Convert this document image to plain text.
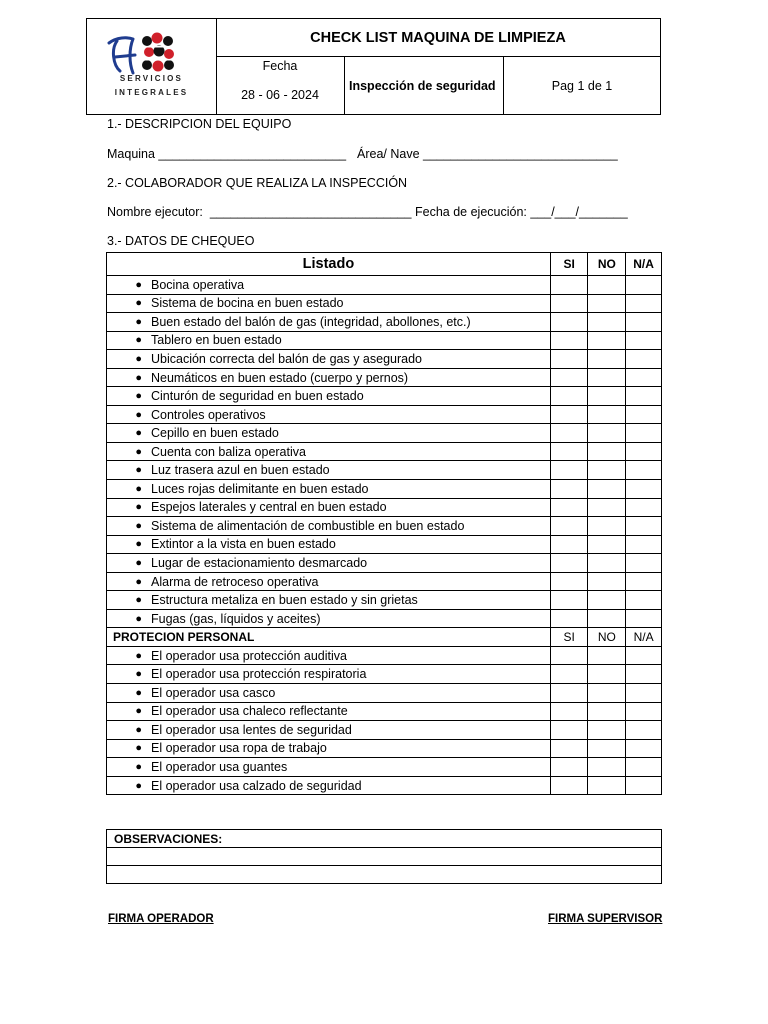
SERVICIOS
INTEGRALES
CHECK LIST MAQUINA DE LIMPIEZA
Fecha
28 - 06 - 2024
Inspección de seguridad	Pag 1 de 1
1.- DESCRIPCION DEL EQUIPO
Maquina ___________________________ Área/ Nave ____________________________
2.- COLABORADOR QUE REALIZA LA INSPECCIÓN
Nombre ejecutor:  _____________________________ Fecha de ejecución: ___/___/_______
3.- DATOS DE CHEQUEO
Listado	SI	NO	N/A
● Bocina operativa			
● Sistema de bocina en buen estado			
● Buen estado del balón de gas (integridad, abollones, etc.)			
● Tablero en buen estado			
● Ubicación correcta del balón de gas y asegurado			
● Neumáticos en buen estado (cuerpo y pernos)			
● Cinturón de seguridad en buen estado			
● Controles operativos			
● Cepillo en buen estado			
● Cuenta con baliza operativa			
● Luz trasera azul en buen estado			
● Luces rojas delimitante en buen estado			
● Espejos laterales y central en buen estado			
● Sistema de alimentación de combustible en buen estado			
● Extintor a la vista en buen estado			
● Lugar de estacionamiento desmarcado			
● Alarma de retroceso operativa			
● Estructura metaliza en buen estado y sin grietas			
● Fugas (gas, líquidos y aceites)			
PROTECION PERSONAL	SI	NO	N/A
● El operador usa protección auditiva			
● El operador usa protección respiratoria			
● El operador usa casco			
● El operador usa chaleco reflectante			
● El operador usa lentes de seguridad			
● El operador usa ropa de trabajo			
● El operador usa guantes			
● El operador usa calzado de seguridad			
OBSERVACIONES:

FIRMA OPERADOR	FIRMA SUPERVISOR
